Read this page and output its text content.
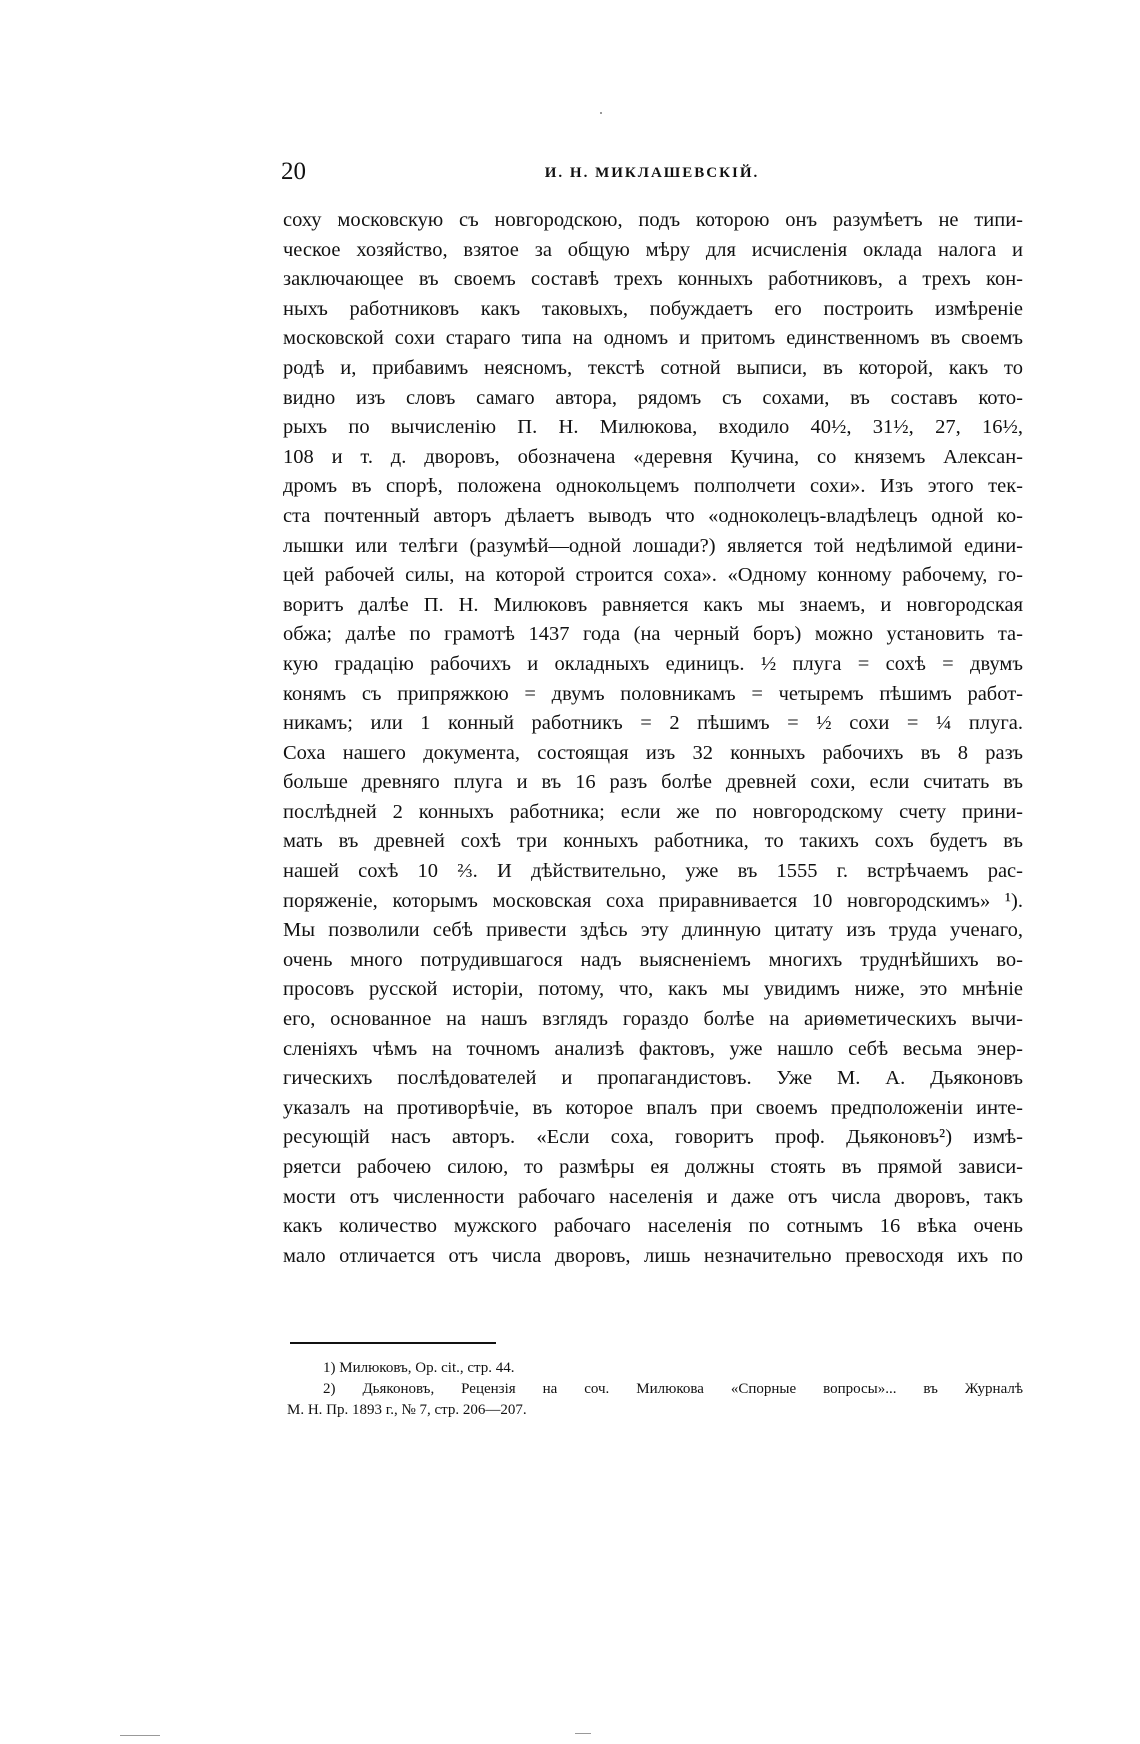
20	И. Н. МИКЛАШЕВСКІЙ.
соху московскую съ новгородскою, подъ которою онъ разумѣетъ не типи-
ческое хозяйство, взятое за общую мѣру для исчисленія оклада налога и
заключающее въ своемъ составѣ трехъ конныхъ работниковъ, а трехъ кон-
ныхъ работниковъ какъ таковыхъ, побуждаетъ его построить измѣреніе
московской сохи стараго типа на одномъ и притомъ единственномъ въ своемъ
родѣ и, прибавимъ неясномъ, текстѣ сотной выписи, въ которой, какъ то
видно изъ словъ самаго автора, рядомъ съ сохами, въ составъ кото-
рыхъ по вычисленію П. Н. Милюкова, входило 40½, 31½, 27, 16½,
108 и т. д. дворовъ, обозначена «деревня Кучина, со княземъ Алексан-
дромъ въ спорѣ, положена однокольцемъ полполчети сохи». Изъ этого тек-
ста почтенный авторъ дѣлаетъ выводъ что «одноколецъ-владѣлецъ одной ко-
лышки или телѣги (разумѣй—одной лошади?) является той недѣлимой едини-
цей рабочей силы, на которой строится соха». «Одному конному рабочему, го-
воритъ далѣе П. Н. Милюковъ равняется какъ мы знаемъ, и новгородская
обжа; далѣе по грамотѣ 1437 года (на черный боръ) можно установить та-
кую градацію рабочихъ и окладныхъ единицъ. ½ плуга = сохѣ = двумъ
конямъ съ припряжкою = двумъ половникамъ = четыремъ пѣшимъ работ-
никамъ; или 1 конный работникъ = 2 пѣшимъ = ½ сохи = ¼ плуга.
Соха нашего документа, состоящая изъ 32 конныхъ рабочихъ въ 8 разъ
больше древняго плуга и въ 16 разъ болѣе древней сохи, если считать въ
послѣдней 2 конныхъ работника; если же по новгородскому счету прини-
мать въ древней сохѣ три конныхъ работника, то такихъ сохъ будетъ въ
нашей сохѣ 10 ⅔. И дѣйствительно, уже въ 1555 г. встрѣчаемъ рас-
поряженіе, которымъ московская соха приравнивается 10 новгородскимъ» ¹).
Мы позволили себѣ привести здѣсь эту длинную цитату изъ труда ученаго,
очень много потрудившагося надъ выясненіемъ многихъ труднѣйшихъ во-
просовъ русской исторіи, потому, что, какъ мы увидимъ ниже, это мнѣніе
его, основанное на нашъ взглядъ гораздо болѣе на ариѳметическихъ вычи-
сленіяхъ чѣмъ на точномъ анализѣ фактовъ, уже нашло себѣ весьма энер-
гическихъ послѣдователей и пропагандистовъ. Уже М. А. Дьяконовъ
указалъ на противорѣчіе, въ которое впалъ при своемъ предположеніи инте-
ресующій насъ авторъ. «Если соха, говоритъ проф. Дьяконовъ²) измѣ-
ряетси рабочею силою, то размѣры ея должны стоять въ прямой зависи-
мости отъ численности рабочаго населенія и даже отъ числа дворовъ, такъ
какъ количество мужского рабочаго населенія по сотнымъ 16 вѣка очень
мало отличается отъ числа дворовъ, лишь незначительно превосходя ихъ по
1) Милюковъ, Op. cit., стр. 44.
2) Дьяконовъ, Рецензія на соч. Милюкова «Спорные вопросы»... въ Журналѣ
М. Н. Пр. 1893 г., № 7, стр. 206—207.
